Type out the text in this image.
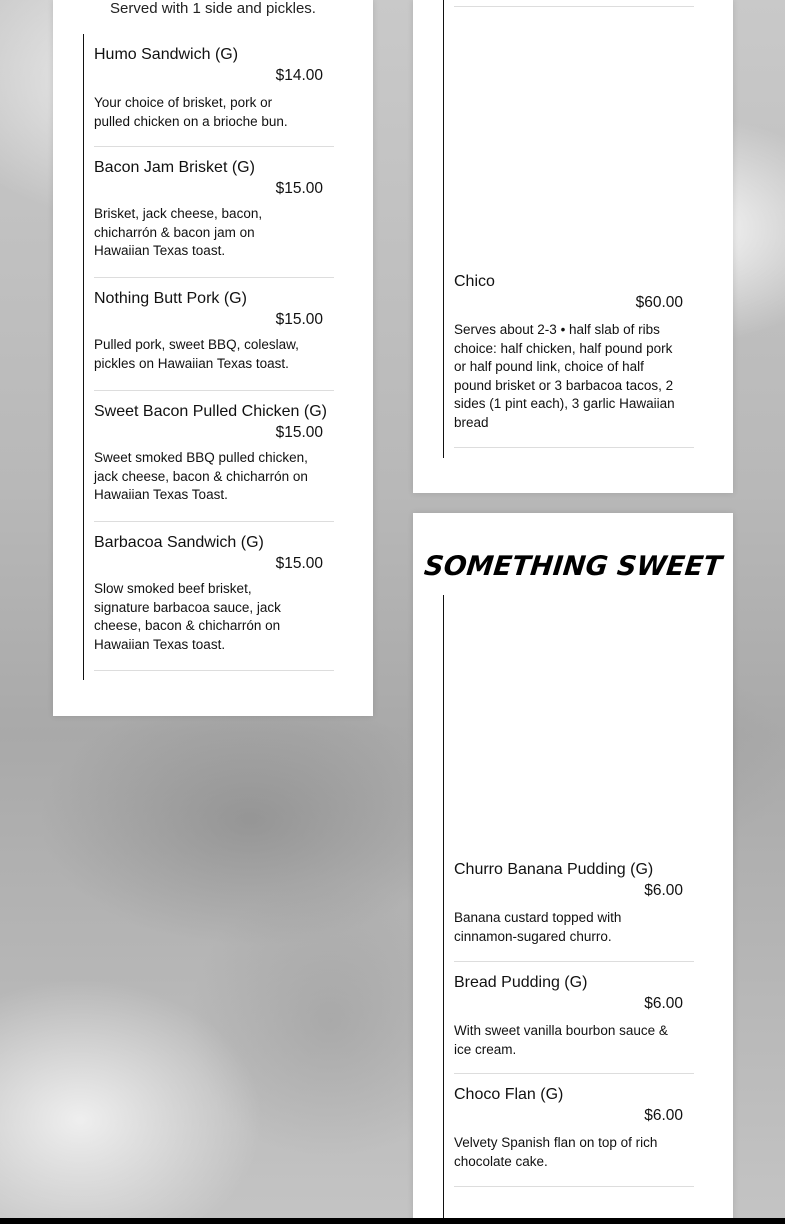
Served with 1 side and pickles.
Humo Sandwich (G)
$14.00
Your choice of brisket, pork or pulled chicken on a brioche bun.
Bacon Jam Brisket (G)
$15.00
Brisket, jack cheese, bacon, chicharrón & bacon jam on Hawaiian Texas toast.
Nothing Butt Pork (G)
$15.00
Pulled pork, sweet BBQ, coleslaw, pickles on Hawaiian Texas toast.
Sweet Bacon Pulled Chicken (G)
$15.00
Sweet smoked BBQ pulled chicken, jack cheese, bacon & chicharrón on Hawaiian Texas Toast.
Barbacoa Sandwich (G)
$15.00
Slow smoked beef brisket, signature barbacoa sauce, jack cheese, bacon & chicharrón on Hawaiian Texas toast.
Chico
$60.00
Serves about 2-3 • half slab of ribs choice: half chicken, half pound pork or half pound link, choice of half pound brisket or 3 barbacoa tacos, 2 sides (1 pint each), 3 garlic Hawaiian bread
SOMETHING SWEET
Churro Banana Pudding (G)
$6.00
Banana custard topped with cinnamon-sugared churro.
Bread Pudding (G)
$6.00
With sweet vanilla bourbon sauce & ice cream.
Choco Flan (G)
$6.00
Velvety Spanish flan on top of rich chocolate cake.
